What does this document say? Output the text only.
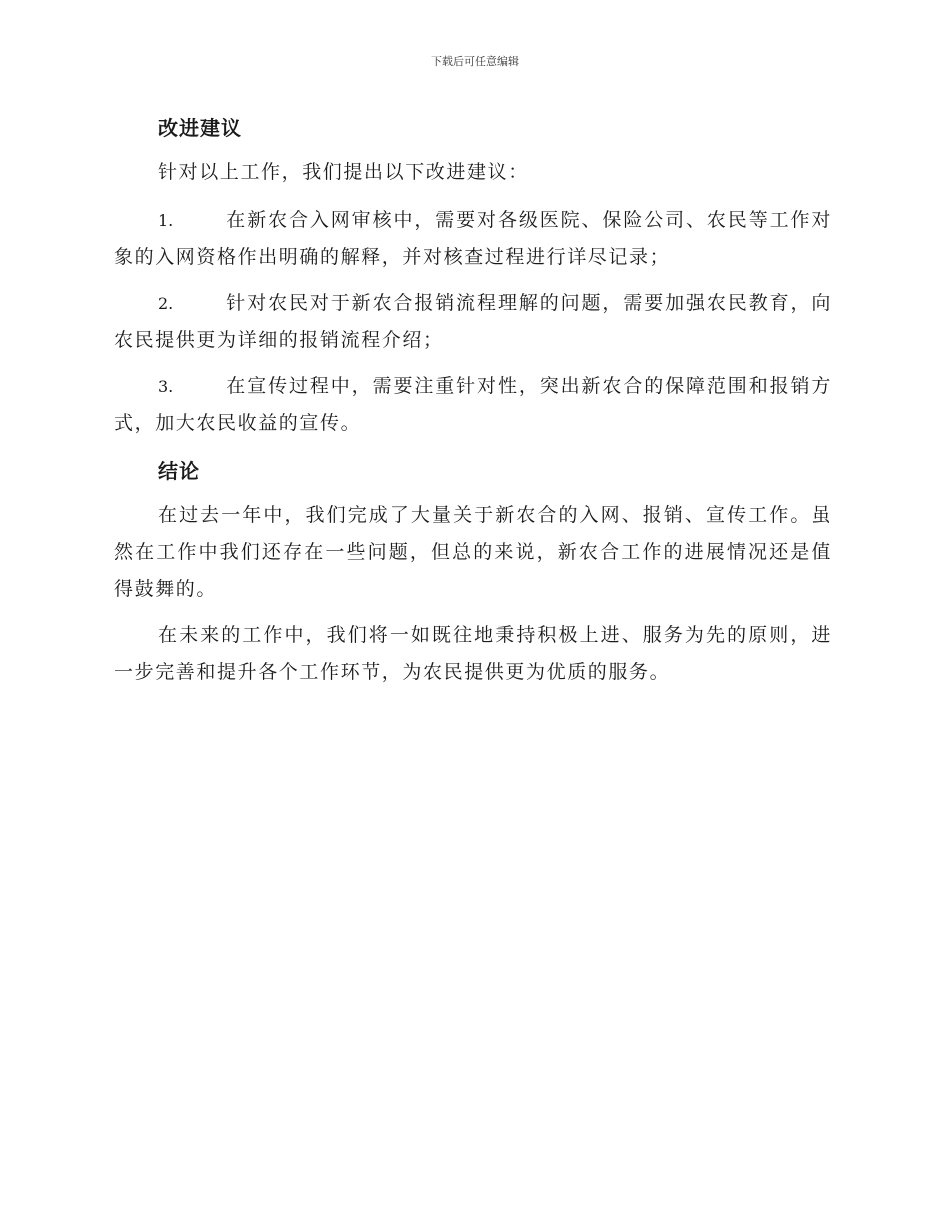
下载后可任意编辑
改进建议

针对以上工作，我们提出以下改进建议：

1.	在新农合入网审核中，需要对各级医院、保险公司、农民等工作对象的入网资格作出明确的解释，并对核查过程进行详尽记录；

2.	针对农民对于新农合报销流程理解的问题，需要加强农民教育，向农民提供更为详细的报销流程介绍；

3.	在宣传过程中，需要注重针对性，突出新农合的保障范围和报销方式，加大农民收益的宣传。

结论

在过去一年中，我们完成了大量关于新农合的入网、报销、宣传工作。虽然在工作中我们还存在一些问题，但总的来说，新农合工作的进展情况还是值得鼓舞的。

在未来的工作中，我们将一如既往地秉持积极上进、服务为先的原则，进一步完善和提升各个工作环节，为农民提供更为优质的服务。
